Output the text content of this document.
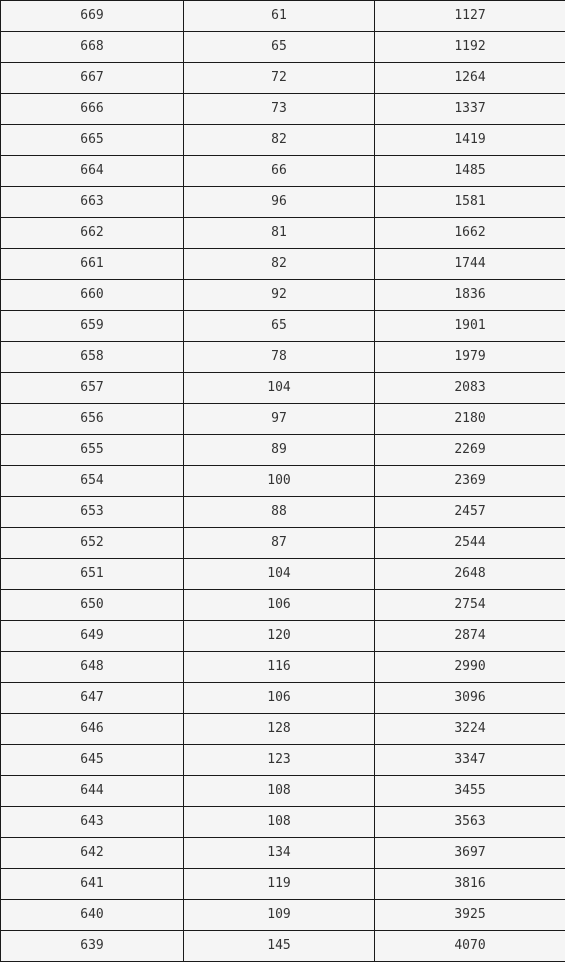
669	61	1127
668	65	1192
667	72	1264
666	73	1337
665	82	1419
664	66	1485
663	96	1581
662	81	1662
661	82	1744
660	92	1836
659	65	1901
658	78	1979
657	104	2083
656	97	2180
655	89	2269
654	100	2369
653	88	2457
652	87	2544
651	104	2648
650	106	2754
649	120	2874
648	116	2990
647	106	3096
646	128	3224
645	123	3347
644	108	3455
643	108	3563
642	134	3697
641	119	3816
640	109	3925
639	145	4070
